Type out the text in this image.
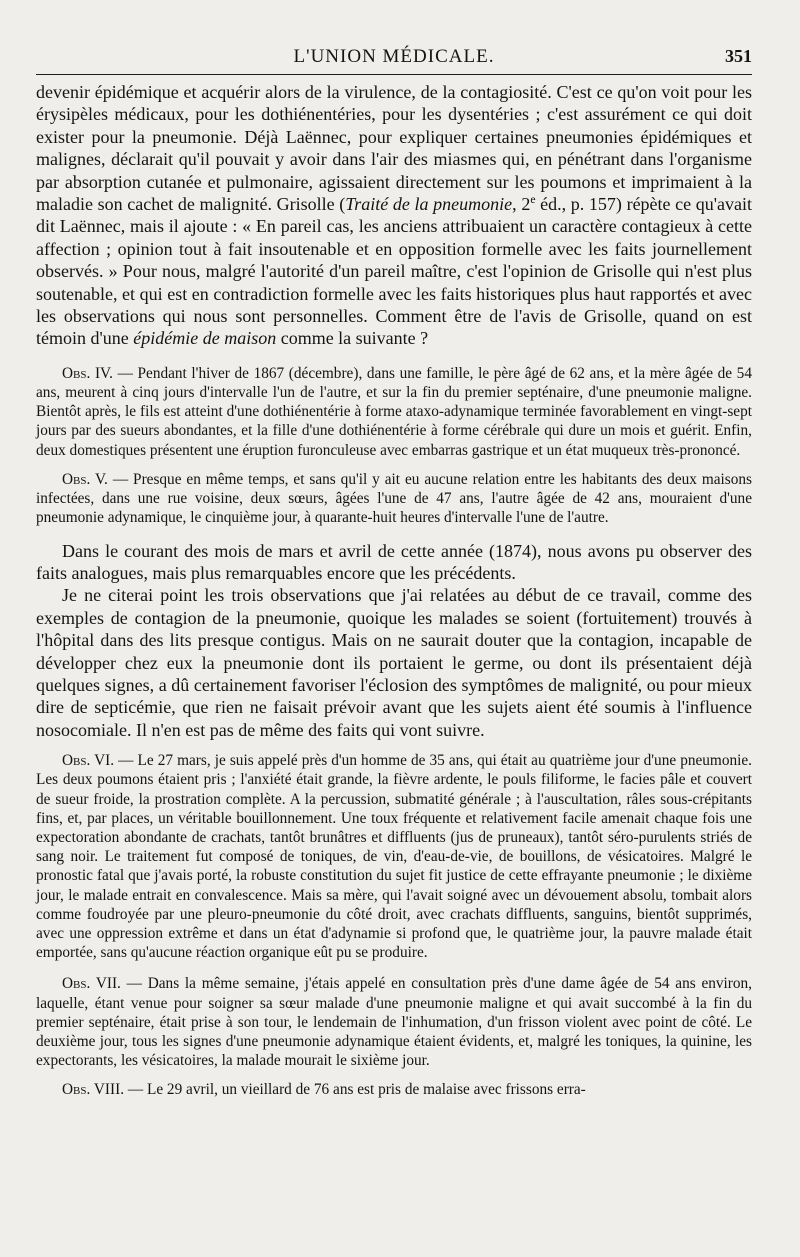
L'UNION MÉDICALE.	351

devenir épidémique et acquérir alors de la virulence, de la contagiosité. C'est ce qu'on voit pour les érysipèles médicaux, pour les dothiénentéries, pour les dysentéries ; c'est assurément ce qui doit exister pour la pneumonie. Déjà Laënnec, pour expliquer certaines pneumonies épidémiques et malignes, déclarait qu'il pouvait y avoir dans l'air des miasmes qui, en pénétrant dans l'organisme par absorption cutanée et pulmonaire, agissaient directement sur les poumons et imprimaient à la maladie son cachet de malignité. Grisolle (Traité de la pneumonie, 2e éd., p. 157) répète ce qu'avait dit Laënnec, mais il ajoute : « En pareil cas, les anciens attribuaient un caractère contagieux à cette affection ; opinion tout à fait insoutenable et en opposition formelle avec les faits journellement observés. » Pour nous, malgré l'autorité d'un pareil maître, c'est l'opinion de Grisolle qui n'est plus soutenable, et qui est en contradiction formelle avec les faits historiques plus haut rapportés et avec les observations qui nous sont personnelles. Comment être de l'avis de Grisolle, quand on est témoin d'une épidémie de maison comme la suivante ?

Obs. IV. — Pendant l'hiver de 1867 (décembre), dans une famille, le père âgé de 62 ans, et la mère âgée de 54 ans, meurent à cinq jours d'intervalle l'un de l'autre, et sur la fin du premier septénaire, d'une pneumonie maligne. Bientôt après, le fils est atteint d'une dothiénentérie à forme ataxo-adynamique terminée favorablement en vingt-sept jours par des sueurs abondantes, et la fille d'une dothiénentérie à forme cérébrale qui dure un mois et guérit. Enfin, deux domestiques présentent une éruption furonculeuse avec embarras gastrique et un état muqueux très-prononcé.

Obs. V. — Presque en même temps, et sans qu'il y ait eu aucune relation entre les habitants des deux maisons infectées, dans une rue voisine, deux sœurs, âgées l'une de 47 ans, l'autre âgée de 42 ans, mouraient d'une pneumonie adynamique, le cinquième jour, à quarante-huit heures d'intervalle l'une de l'autre.

Dans le courant des mois de mars et avril de cette année (1874), nous avons pu observer des faits analogues, mais plus remarquables encore que les précédents.

Je ne citerai point les trois observations que j'ai relatées au début de ce travail, comme des exemples de contagion de la pneumonie, quoique les malades se soient (fortuitement) trouvés à l'hôpital dans des lits presque contigus. Mais on ne saurait douter que la contagion, incapable de développer chez eux la pneumonie dont ils portaient le germe, ou dont ils présentaient déjà quelques signes, a dû certainement favoriser l'éclosion des symptômes de malignité, ou pour mieux dire de septicémie, que rien ne faisait prévoir avant que les sujets aient été soumis à l'influence nosocomiale. Il n'en est pas de même des faits qui vont suivre.

Obs. VI. — Le 27 mars, je suis appelé près d'un homme de 35 ans, qui était au quatrième jour d'une pneumonie. Les deux poumons étaient pris ; l'anxiété était grande, la fièvre ardente, le pouls filiforme, le facies pâle et couvert de sueur froide, la prostration complète. A la percussion, submatité générale ; à l'auscultation, râles sous-crépitants fins, et, par places, un véritable bouillonnement. Une toux fréquente et relativement facile amenait chaque fois une expectoration abondante de crachats, tantôt brunâtres et diffluents (jus de pruneaux), tantôt séro-purulents striés de sang noir. Le traitement fut composé de toniques, de vin, d'eau-de-vie, de bouillons, de vésicatoires. Malgré le pronostic fatal que j'avais porté, la robuste constitution du sujet fit justice de cette effrayante pneumonie ; le dixième jour, le malade entrait en convalescence. Mais sa mère, qui l'avait soigné avec un dévouement absolu, tombait alors comme foudroyée par une pleuro-pneumonie du côté droit, avec crachats diffluents, sanguins, bientôt supprimés, avec une oppression extrême et dans un état d'adynamie si profond que, le quatrième jour, la pauvre malade était emportée, sans qu'aucune réaction organique eût pu se produire.

Obs. VII. — Dans la même semaine, j'étais appelé en consultation près d'une dame âgée de 54 ans environ, laquelle, étant venue pour soigner sa sœur malade d'une pneumonie maligne et qui avait succombé à la fin du premier septénaire, était prise à son tour, le lendemain de l'inhumation, d'un frisson violent avec point de côté. Le deuxième jour, tous les signes d'une pneumonie adynamique étaient évidents, et, malgré les toniques, la quinine, les expectorants, les vésicatoires, la malade mourait le sixième jour.

Obs. VIII. — Le 29 avril, un vieillard de 76 ans est pris de malaise avec frissons erra-
